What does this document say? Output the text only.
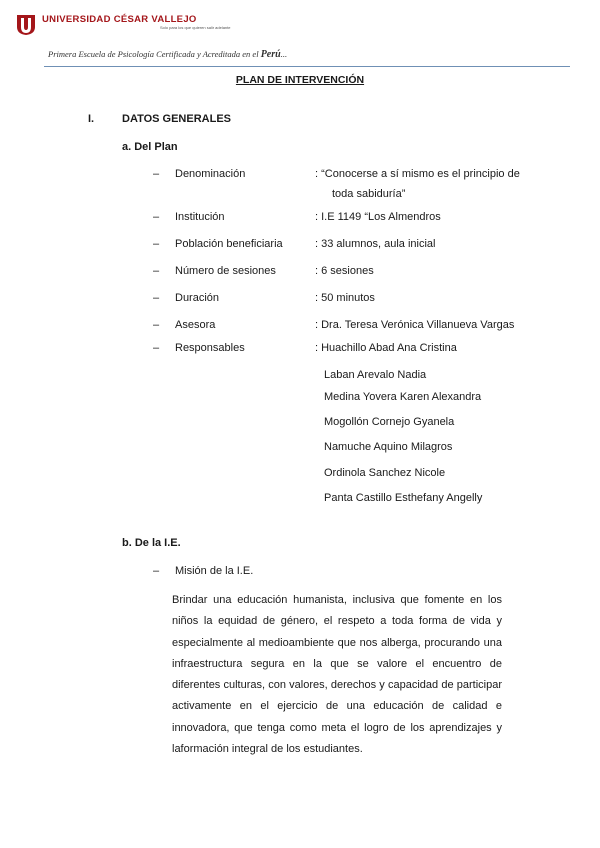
UNIVERSIDAD CÉSAR VALLEJO
Solo para los que quieren salir adelante
Primera Escuela de Psicología Certificada y Acreditada en el Perú...
PLAN DE INTERVENCIÓN
I.	DATOS GENERALES
a. Del Plan
– Denominación	: “Conocerse a sí mismo es el principio de
toda sabiduría”
– Institución	: I.E 1149 “Los Almendros
– Población beneficiaria	: 33 alumnos, aula inicial
– Número de sesiones	: 6 sesiones
– Duración	: 50 minutos
– Asesora	: Dra. Teresa Verónica Villanueva Vargas
– Responsables	: Huachillo Abad Ana Cristina
Laban Arevalo Nadia
Medina Yovera Karen Alexandra
Mogollón Cornejo Gyanela
Namuche Aquino Milagros
Ordinola Sanchez Nicole
Panta Castillo Esthefany Angelly
b. De la I.E.
– Misión de la I.E.

Brindar una educación humanista, inclusiva que fomente en los niños la equidad de género, el respeto a toda forma de vida y especialmente al medioambiente que nos alberga, procurando una infraestructura segura en la que se valore el encuentro de diferentes culturas, con valores, derechos y capacidad de participar activamente en el ejercicio de una educación de calidad e innovadora, que tenga como meta el logro de los aprendizajes y laformación integral de los estudiantes.
